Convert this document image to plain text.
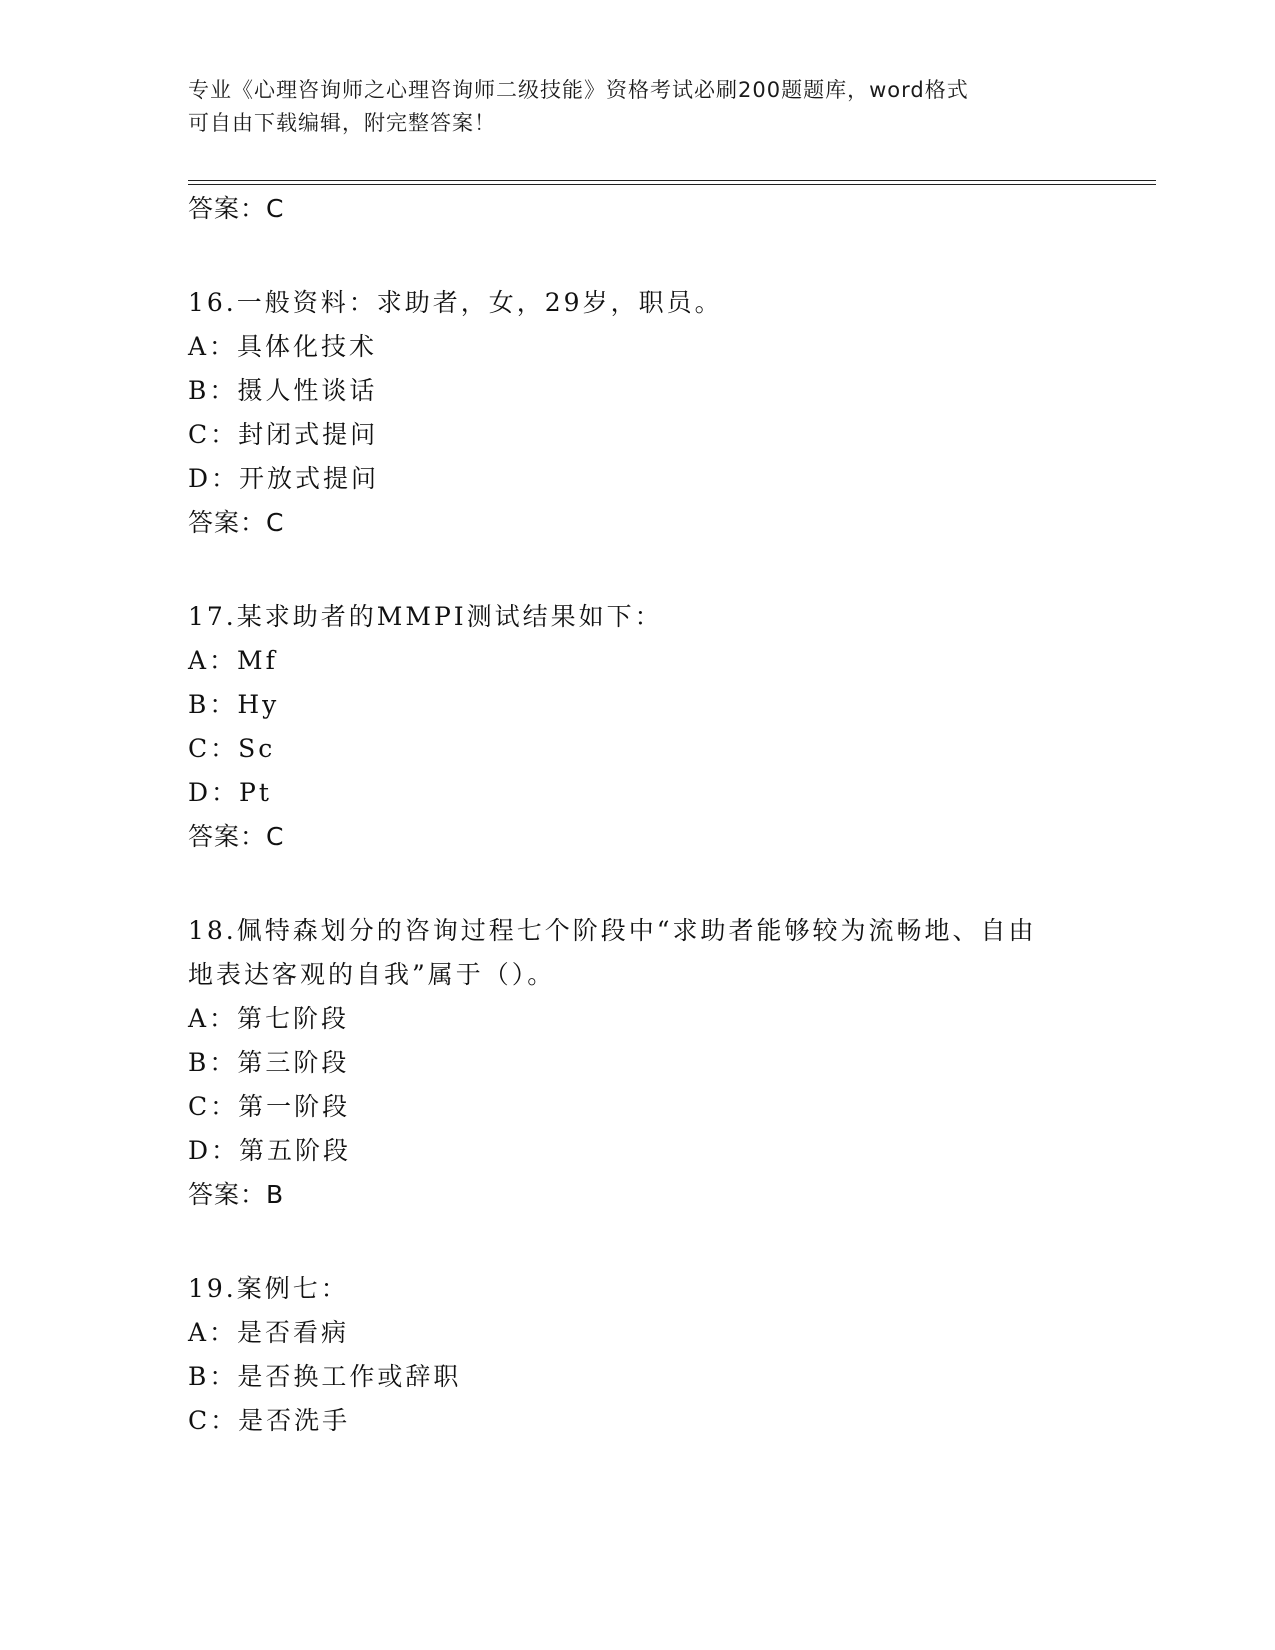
专业《心理咨询师之心理咨询师二级技能》资格考试必刷200题题库，word格式
可自由下载编辑，附完整答案！
答案：C
16.一般资料：求助者，女，29岁，职员。
A：具体化技术
B：摄人性谈话
C：封闭式提问
D：开放式提问
答案：C
17.某求助者的MMPI测试结果如下：
A：Mf
B：Hy
C：Sc
D：Pt
答案：C
18.佩特森划分的咨询过程七个阶段中“求助者能够较为流畅地、自由
地表达客观的自我”属于（）。
A：第七阶段
B：第三阶段
C：第一阶段
D：第五阶段
答案：B
19.案例七：
A：是否看病
B：是否换工作或辞职
C：是否洗手
